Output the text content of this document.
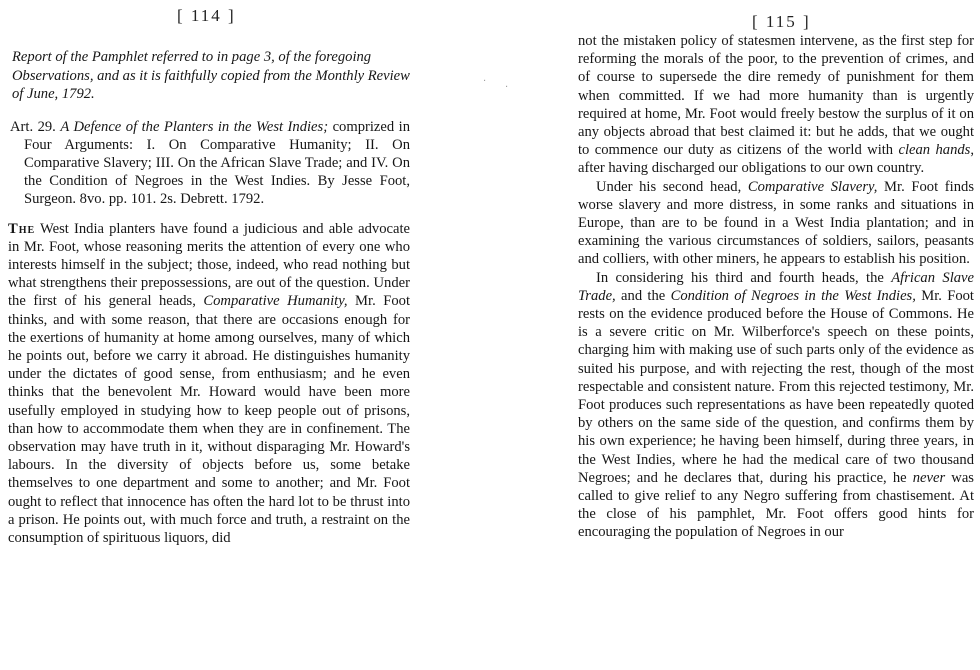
[ 114 ]

Report of the Pamphlet referred to in page 3, of the foregoing Observations, and as it is faithfully copied from the Monthly Review of June, 1792.

Art. 29. A Defence of the Planters in the West Indies; comprized in Four Arguments: I. On Comparative Humanity; II. On Comparative Slavery; III. On the African Slave Trade; and IV. On the Condition of Negroes in the West Indies. By Jesse Foot, Surgeon. 8vo. pp. 101. 2s. Debrett. 1792.

The West India planters have found a judicious and able advocate in Mr. Foot, whose reasoning merits the attention of every one who interests himself in the subject; those, indeed, who read nothing but what strengthens their prepossessions, are out of the question. Under the first of his general heads, Comparative Humanity, Mr. Foot thinks, and with some reason, that there are occasions enough for the exertions of humanity at home among ourselves, many of which he points out, before we carry it abroad. He distinguishes humanity under the dictates of good sense, from enthusiasm; and he even thinks that the benevolent Mr. Howard would have been more usefully employed in studying how to keep people out of prisons, than how to accommodate them when they are in confinement. The observation may have truth in it, without disparaging Mr. Howard's labours. In the diversity of objects before us, some betake themselves to one department and some to another; and Mr. Foot ought to reflect that innocence has often the hard lot to be thrust into a prison. He points out, with much force and truth, a restraint on the consumption of spirituous liquors, did

[ 115 ]

not the mistaken policy of statesmen intervene, as the first step for reforming the morals of the poor, to the prevention of crimes, and of course to supersede the dire remedy of punishment for them when committed. If we had more humanity than is urgently required at home, Mr. Foot would freely bestow the surplus of it on any objects abroad that best claimed it: but he adds, that we ought to commence our duty as citizens of the world with clean hands, after having discharged our obligations to our own country.

Under his second head, Comparative Slavery, Mr. Foot finds worse slavery and more distress, in some ranks and situations in Europe, than are to be found in a West India plantation; and in examining the various circumstances of soldiers, sailors, peasants and colliers, with other miners, he appears to establish his position.

In considering his third and fourth heads, the African Slave Trade, and the Condition of Negroes in the West Indies, Mr. Foot rests on the evidence produced before the House of Commons. He is a severe critic on Mr. Wilberforce's speech on these points, charging him with making use of such parts only of the evidence as suited his purpose, and with rejecting the rest, though of the most respectable and consistent nature. From this rejected testimony, Mr. Foot produces such representations as have been repeatedly quoted by others on the same side of the question, and confirms them by his own experience; he having been himself, during three years, in the West Indies, where he had the medical care of two thousand Negroes; and he declares that, during his practice, he never was called to give relief to any Negro suffering from chastisement. At the close of his pamphlet, Mr. Foot offers good hints for encouraging the population of Negroes in our

·
·
